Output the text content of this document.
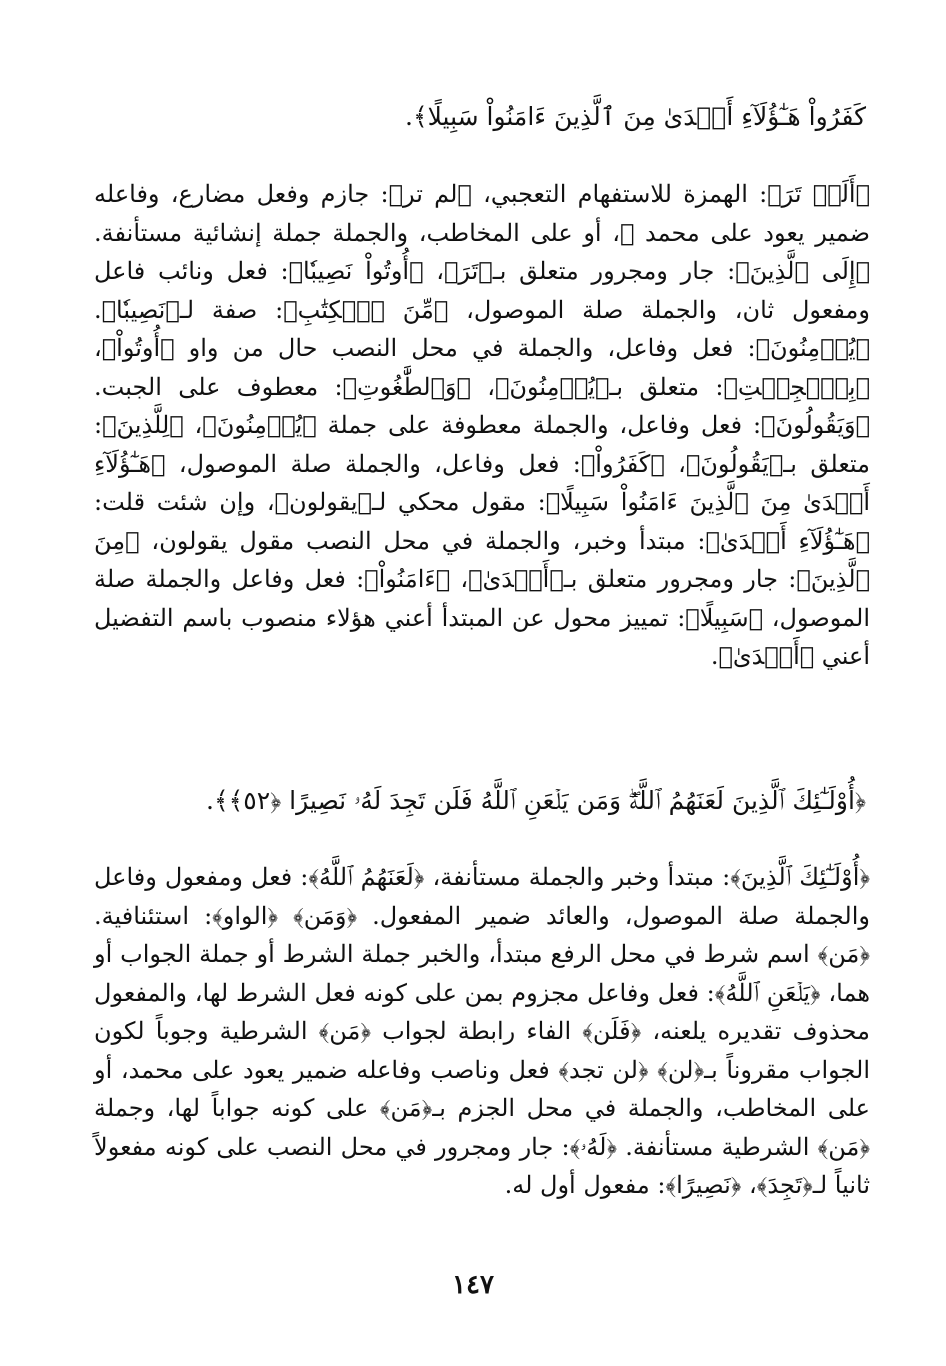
كَفَرُواْ هَـٰٓؤُلَآءِ أَهۡدَىٰ مِنَ ٱلَّذِينَ ءَامَنُواْ سَبِيلًا﴾.
﴿أَلَمۡ تَرَ﴾: الهمزة للاستفهام التعجبي، ﴿لم تر﴾: جازم وفعل مضارع، وفاعله ضمير يعود على محمد ﷺ، أو على المخاطب، والجملة جملة إنشائية مستأنفة. ﴿إِلَى ٱلَّذِينَ﴾: جار ومجرور متعلق بـ﴿تَرَ﴾، ﴿أُوتُواْ نَصِيبٗا﴾: فعل ونائب فاعل ومفعول ثان، والجملة صلة الموصول، ﴿مِّنَ ٱلۡكِتَٰبِ﴾: صفة لـ﴿نَصِيبٗا﴾. ﴿يُؤۡمِنُونَ﴾: فعل وفاعل، والجملة في محل النصب حال من واو ﴿أُوتُواْ﴾، ﴿بِٱلۡجِبۡتِ﴾: متعلق بـ﴿يُؤۡمِنُونَ﴾، ﴿وَٱلطَّٰغُوتِ﴾: معطوف على الجبت. ﴿وَيَقُولُونَ﴾: فعل وفاعل، والجملة معطوفة على جملة ﴿يُؤۡمِنُونَ﴾، ﴿لِلَّذِينَ﴾: متعلق بـ﴿يَقُولُونَ﴾، ﴿كَفَرُواْ﴾: فعل وفاعل، والجملة صلة الموصول، ﴿هَـٰٓؤُلَآءِ أَهۡدَىٰ مِنَ ٱلَّذِينَ ءَامَنُواْ سَبِيلًا﴾: مقول محكي لـ﴿يقولون﴾، وإن شئت قلت: ﴿هَـٰٓؤُلَآءِ أَهۡدَىٰ﴾: مبتدأ وخبر، والجملة في محل النصب مقول يقولون، ﴿مِنَ ٱلَّذِينَ﴾: جار ومجرور متعلق بـ﴿أَهۡدَىٰ﴾، ﴿ءَامَنُواْ﴾: فعل وفاعل والجملة صلة الموصول، ﴿سَبِيلًا﴾: تمييز محول عن المبتدأ أعني هؤلاء منصوب باسم التفضيل أعني ﴿أَهۡدَىٰ﴾.
﴿أُوْلَـٰٓئِكَ ٱلَّذِينَ لَعَنَهُمُ ٱللَّهُۖ وَمَن يَلۡعَنِ ٱللَّهُ فَلَن تَجِدَ لَهُۥ نَصِيرًا ﴿٥٢﴾﴾.
﴿أُوْلَـٰٓئِكَ ٱلَّذِينَ﴾: مبتدأ وخبر والجملة مستأنفة، ﴿لَعَنَهُمُ ٱللَّهُ﴾: فعل ومفعول وفاعل والجملة صلة الموصول، والعائد ضمير المفعول. ﴿وَمَن﴾ ﴿الواو﴾: استئنافية. ﴿مَن﴾ اسم شرط في محل الرفع مبتدأ، والخبر جملة الشرط أو جملة الجواب أو هما، ﴿يَلۡعَنِ ٱللَّهُ﴾: فعل وفاعل مجزوم بمن على كونه فعل الشرط لها، والمفعول محذوف تقديره يلعنه، ﴿فَلَن﴾ الفاء رابطة لجواب ﴿مَن﴾ الشرطية وجوباً لكون الجواب مقروناً بـ﴿لن﴾ ﴿لن تجد﴾ فعل وناصب وفاعله ضمير يعود على محمد، أو على المخاطب، والجملة في محل الجزم بـ﴿مَن﴾ على كونه جواباً لها، وجملة ﴿مَن﴾ الشرطية مستأنفة. ﴿لَهُۥ﴾: جار ومجرور في محل النصب على كونه مفعولاً ثانياً لـ﴿تَجِدَ﴾، ﴿نَصِيرًا﴾: مفعول أول له.
١٤٧
